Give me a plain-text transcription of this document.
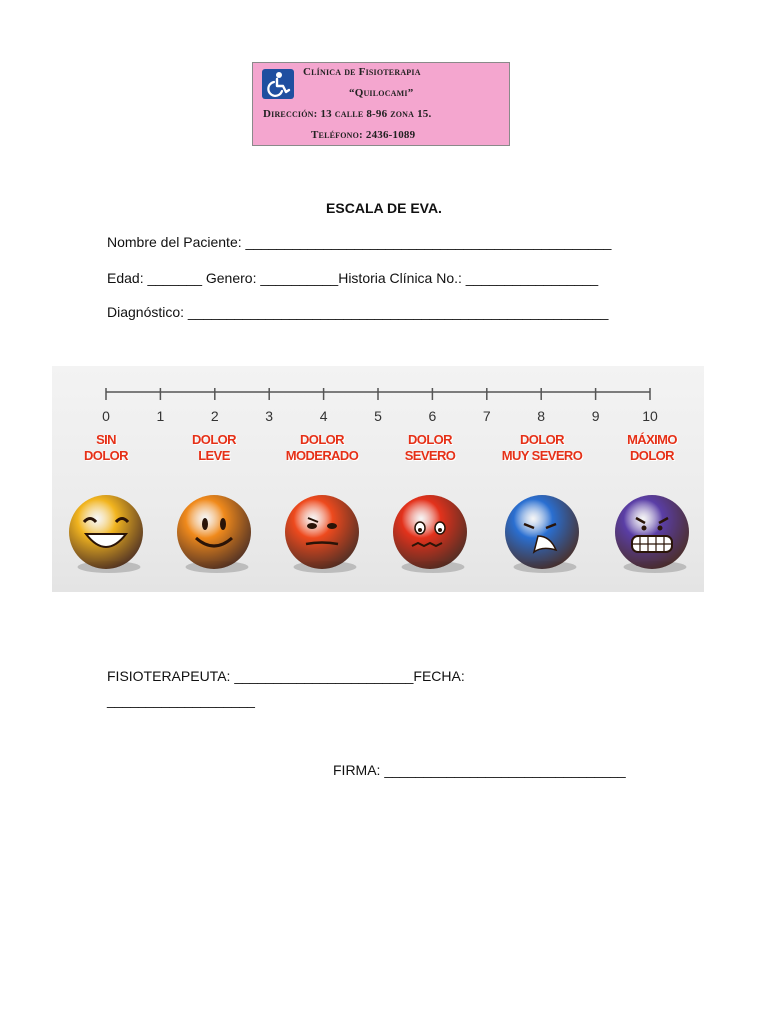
Clínica de Fisioterapia
“Quilocami”
Dirección: 13 calle 8-96 zona 15.
Teléfono: 2436-1089
ESCALA DE EVA.
Nombre del Paciente: _______________________________________________
Edad: _______ Genero: __________Historia Clínica No.: _________________
Diagnóstico: ______________________________________________________
0	1	2	3	4	5	6	7	8	9	10
SIN
DOLOR
DOLOR
LEVE
DOLOR
MODERADO
DOLOR
SEVERO
DOLOR
MUY SEVERO
MÁXIMO
DOLOR
FISIOTERAPEUTA: _______________________FECHA:
___________________
FIRMA: _______________________________
